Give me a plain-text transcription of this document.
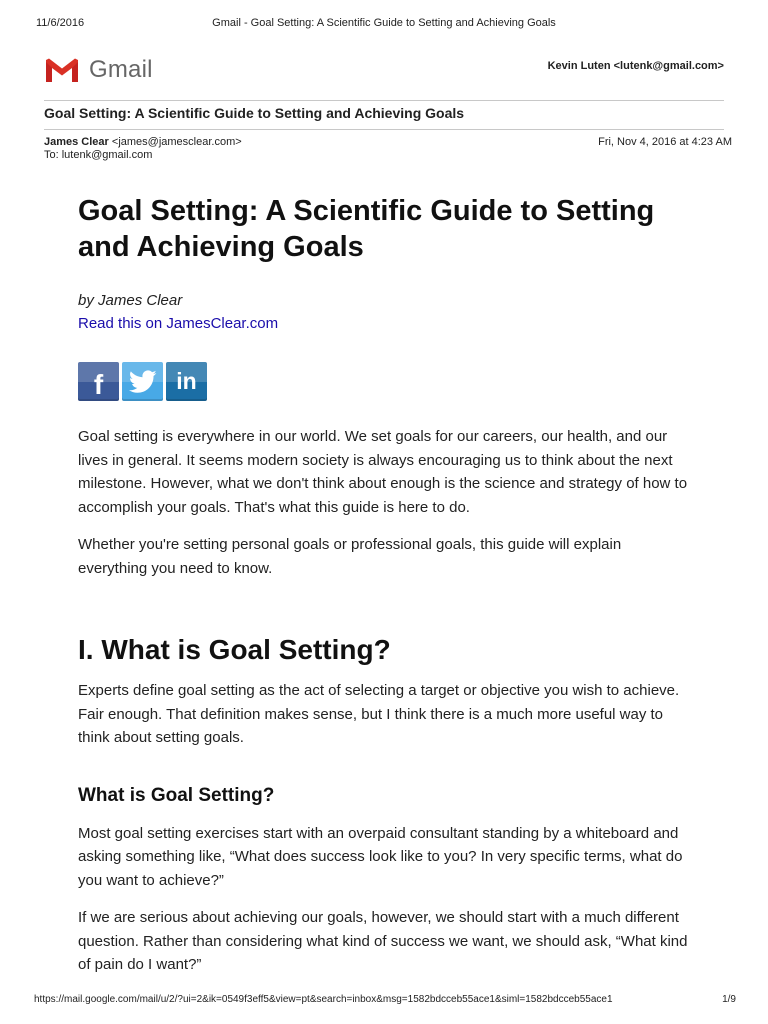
11/6/2016	Gmail - Goal Setting: A Scientific Guide to Setting and Achieving Goals
Gmail	Kevin Luten <lutenk@gmail.com>
Goal Setting: A Scientific Guide to Setting and Achieving Goals
James Clear <james@jamesclear.com>
To: lutenk@gmail.com
Fri, Nov 4, 2016 at 4:23 AM
Goal Setting: A Scientific Guide to Setting and Achieving Goals
by James Clear
Read this on JamesClear.com
f	in

Goal setting is everywhere in our world. We set goals for our careers, our health, and our lives in general. It seems modern society is always encouraging us to think about the next milestone. However, what we don't think about enough is the science and strategy of how to accomplish your goals. That's what this guide is here to do.

Whether you're setting personal goals or professional goals, this guide will explain everything you need to know.

I. What is Goal Setting?

Experts define goal setting as the act of selecting a target or objective you wish to achieve. Fair enough. That definition makes sense, but I think there is a much more useful way to think about setting goals.

What is Goal Setting?

Most goal setting exercises start with an overpaid consultant standing by a whiteboard and asking something like, “What does success look like to you? In very specific terms, what do you want to achieve?”

If we are serious about achieving our goals, however, we should start with a much different question. Rather than considering what kind of success we want, we should ask, “What kind of pain do I want?”

https://mail.google.com/mail/u/2/?ui=2&ik=0549f3eff5&view=pt&search=inbox&msg=1582bdcceb55ace1&siml=1582bdcceb55ace1	1/9
